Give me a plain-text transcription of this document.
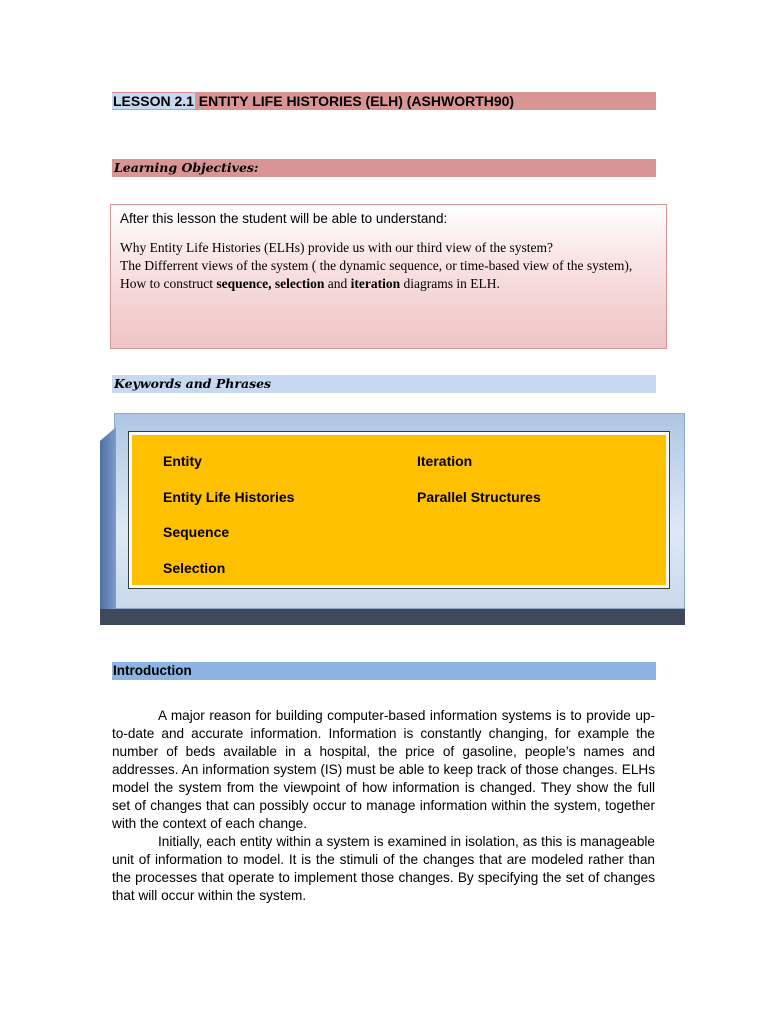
LESSON 2.1 ENTITY LIFE HISTORIES (ELH) (ASHWORTH90)
Learning Objectives:

After this lesson the student will be able to understand:

Why Entity Life Histories (ELHs) provide us with our third view of the system?
The Differrent views of the system ( the dynamic sequence, or time-based view of the system),
How to construct sequence, selection and iteration diagrams in ELH.
Keywords and Phrases
Entity
Entity Life Histories
Sequence
Selection
Iteration
Parallel Structures
Introduction

A major reason for building computer-based information systems is to provide up-to-date and accurate information. Information is constantly changing, for example the number of beds available in a hospital, the price of gasoline, people’s names and addresses. An information system (IS) must be able to keep track of those changes. ELHs model the system from the viewpoint of how information is changed. They show the full set of changes that can possibly occur to manage information within the system, together with the context of each change.

Initially, each entity within a system is examined in isolation, as this is manageable unit of information to model. It is the stimuli of the changes that are modeled rather than the processes that operate to implement those changes. By specifying the set of changes that will occur within the system.
